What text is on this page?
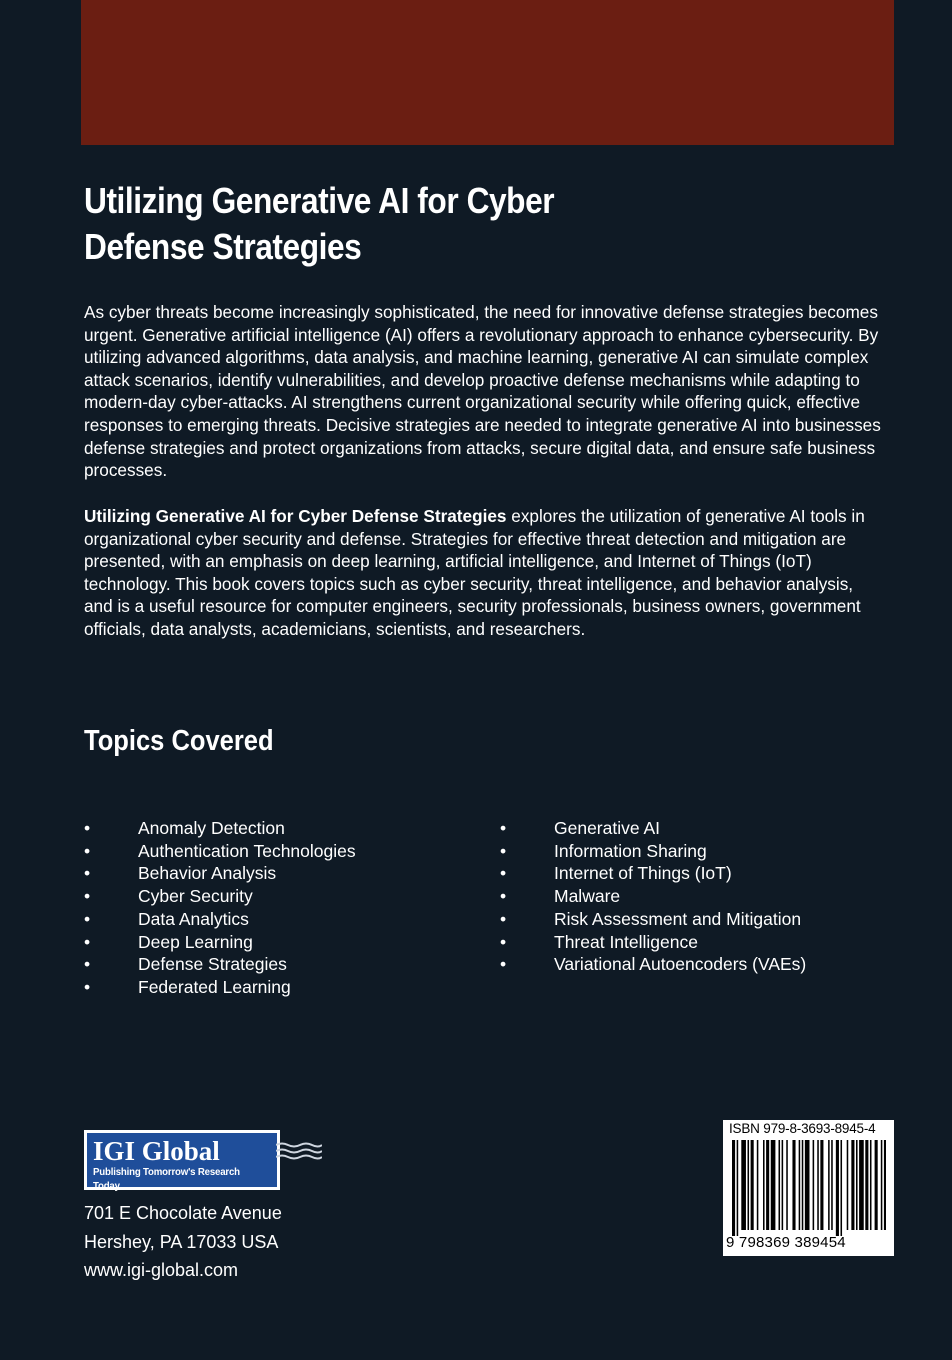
Utilizing Generative AI for Cyber
Defense Strategies

As cyber threats become increasingly sophisticated, the need for innovative defense strategies becomes urgent. Generative artificial intelligence (AI) offers a revolutionary approach to enhance cybersecurity. By utilizing advanced algorithms, data analysis, and machine learning, generative AI can simulate complex attack scenarios, identify vulnerabilities, and develop proactive defense mechanisms while adapting to modern-day cyber-attacks. AI strengthens current organizational security while offering quick, effective responses to emerging threats. Decisive strategies are needed to integrate generative AI into businesses defense strategies and protect organizations from attacks, secure digital data, and ensure safe business processes.

Utilizing Generative AI for Cyber Defense Strategies explores the utilization of generative AI tools in organizational cyber security and defense. Strategies for effective threat detection and mitigation are presented, with an emphasis on deep learning, artificial intelligence, and Internet of Things (IoT) technology. This book covers topics such as cyber security, threat intelligence, and behavior analysis, and is a useful resource for computer engineers, security professionals, business owners, government officials, data analysts, academicians, scientists, and researchers.

Topics Covered
• Anomaly Detection
• Authentication Technologies
• Behavior Analysis
• Cyber Security
• Data Analytics
• Deep Learning
• Defense Strategies
• Federated Learning
• Generative AI
• Information Sharing
• Internet of Things (IoT)
• Malware
• Risk Assessment and Mitigation
• Threat Intelligence
• Variational Autoencoders (VAEs)
IGI Global
Publishing Tomorrow's Research Today
701 E Chocolate Avenue
Hershey, PA 17033 USA
www.igi-global.com
ISBN 979-8-3693-8945-4
9 798369 389454
